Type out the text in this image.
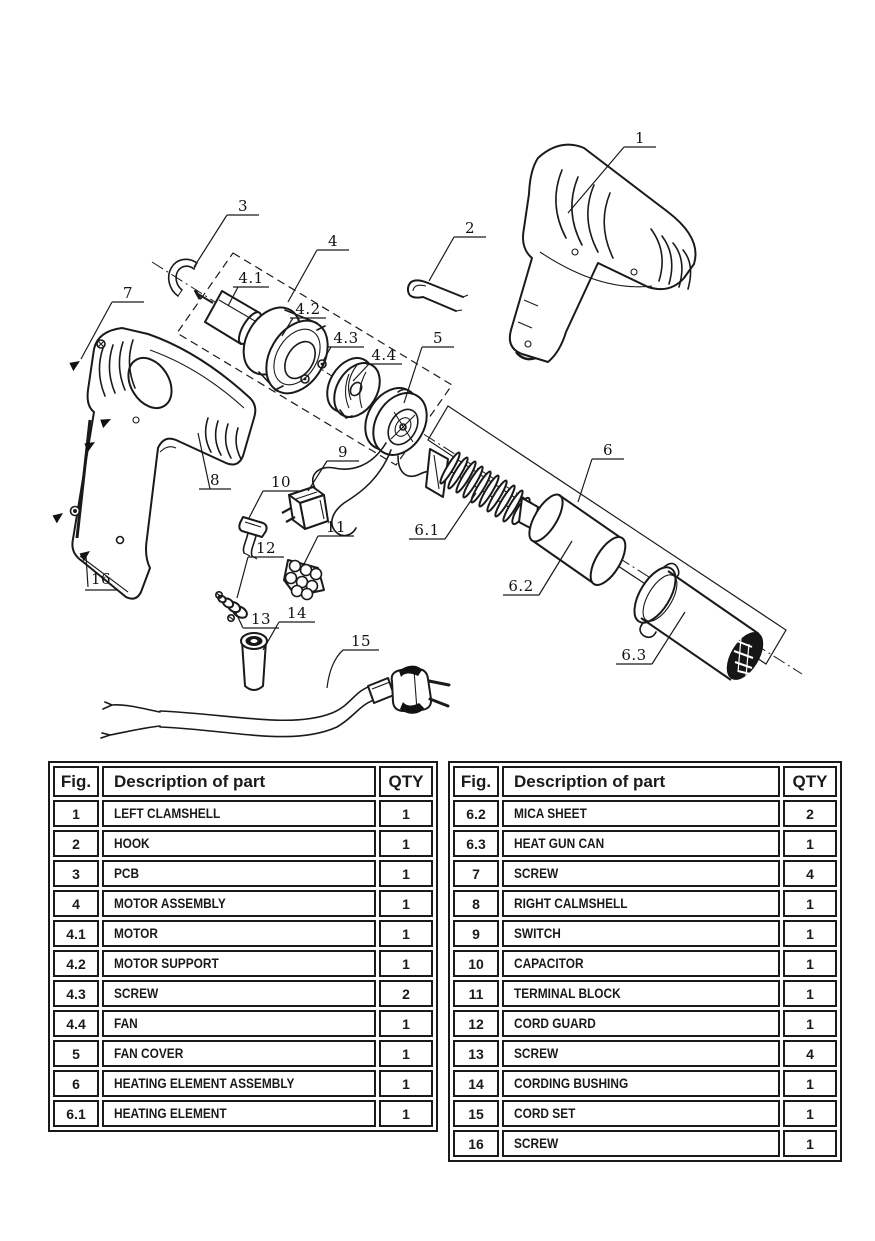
1
2
3
4
4.1
4.2
4.3
4.4
5
6
6.1
6.2
6.3
7
8
9
10
11
12
13 14
15
16
Fig.	Description of part	QTY
1	LEFT CLAMSHELL	1
2	HOOK	1
3	PCB	1
4	MOTOR ASSEMBLY	1
4.1	MOTOR	1
4.2	MOTOR SUPPORT	1
4.3	SCREW	2
4.4	FAN	1
5	FAN COVER	1
6	HEATING ELEMENT ASSEMBLY	1
6.1	HEATING ELEMENT	1
Fig.	Description of part	QTY
6.2	MICA SHEET	2
6.3	HEAT GUN CAN	1
7	SCREW	4
8	RIGHT CALMSHELL	1
9	SWITCH	1
10	CAPACITOR	1
11	TERMINAL BLOCK	1
12	CORD GUARD	1
13	SCREW	4
14	CORDING BUSHING	1
15	CORD SET	1
16	SCREW	1
